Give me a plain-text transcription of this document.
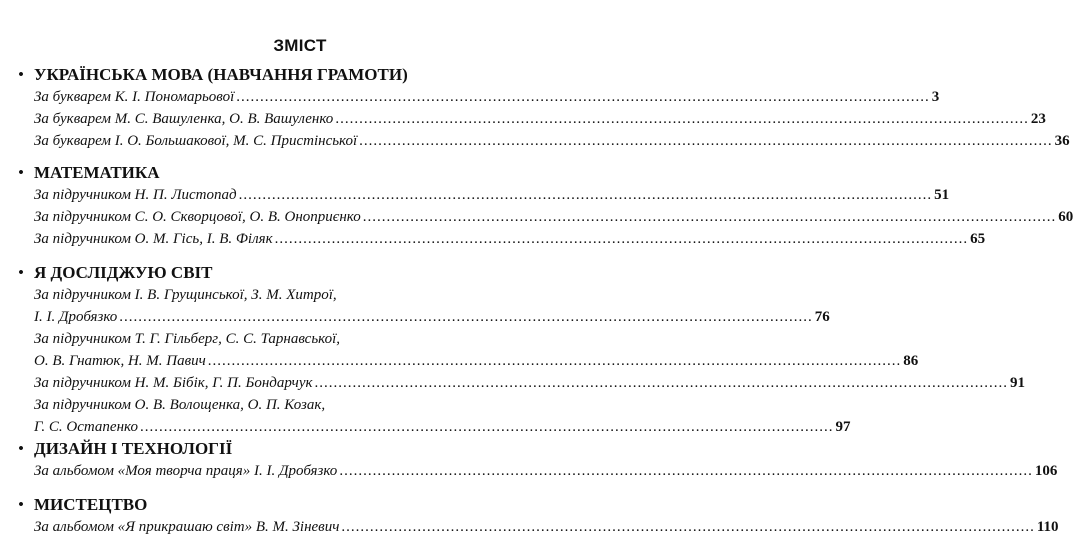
ЗМІСТ
• УКРАЇНСЬКА МОВА (НАВЧАННЯ ГРАМОТИ)
За букварем К. І. Пономарьової .................................................................................................................................................. 3
За букварем М. С. Вашуленка, О. В. Вашуленко .................................................................................................................................................. 23
За букварем І. О. Большакової, М. С. Пристінської .................................................................................................................................................. 36
• МАТЕМАТИКА
За підручником Н. П. Листопад .................................................................................................................................................. 51
За підручником С. О. Скворцової, О. В. Оноприєнко .................................................................................................................................................. 60
За підручником О. М. Гісь, І. В. Філяк .................................................................................................................................................. 65
• Я ДОСЛІДЖУЮ СВІТ
За підручником І. В. Грущинської, З. М. Хитрої,
І. І. Дробязко .................................................................................................................................................. 76
За підручником Т. Г. Гільберг, С. С. Тарнавської,
О. В. Гнатюк, Н. М. Павич .................................................................................................................................................. 86
За підручником Н. М. Бібік, Г. П. Бондарчук .................................................................................................................................................. 91
За підручником О. В. Волощенка, О. П. Козак,
Г. С. Остапенко .................................................................................................................................................. 97
• ДИЗАЙН І ТЕХНОЛОГІЇ
За альбомом «Моя творча праця» І. І. Дробязко .................................................................................................................................................. 106
• МИСТЕЦТВО
За альбомом «Я прикрашаю світ» В. М. Зіневич .................................................................................................................................................. 110
